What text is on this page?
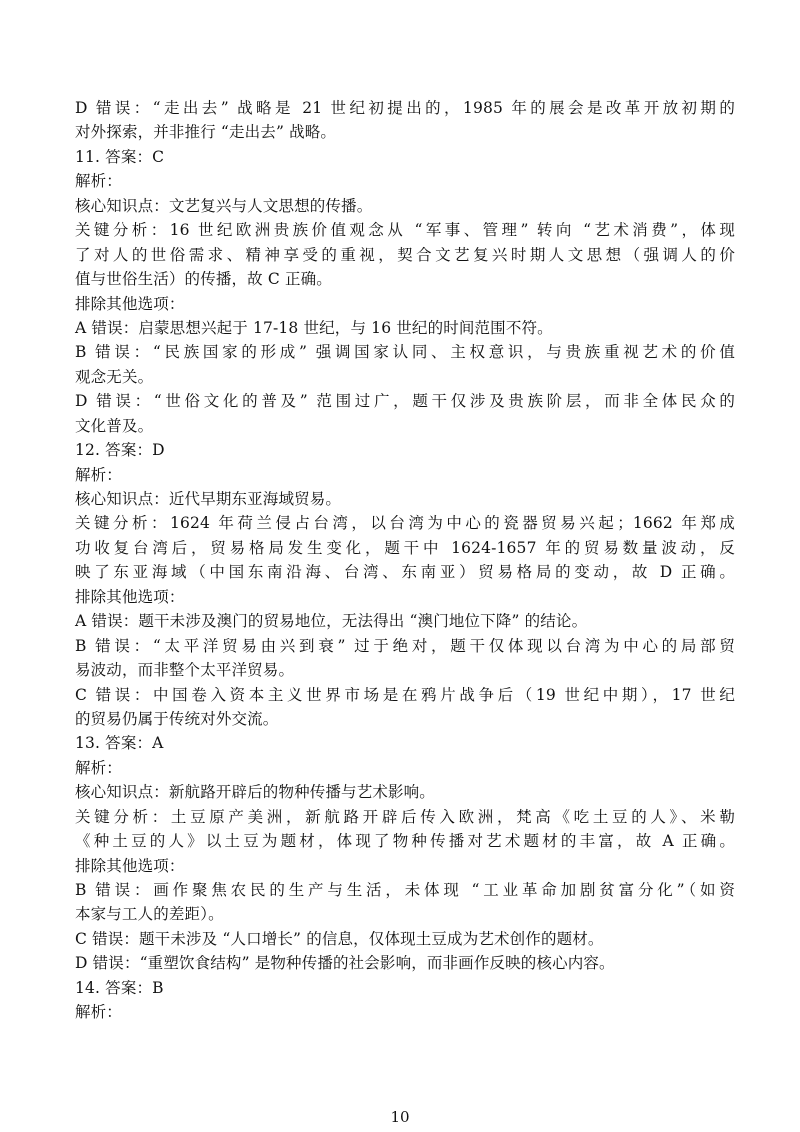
D 错误：“走出去” 战略是 21 世纪初提出的，1985 年的展会是改革开放初期的
对外探索，并非推行 “走出去” 战略。
11. 答案：C
解析：
核心知识点：文艺复兴与人文思想的传播。
关键分析：16 世纪欧洲贵族价值观念从 “军事、管理” 转向 “艺术消费”，体现
了对人的世俗需求、精神享受的重视，契合文艺复兴时期人文思想（强调人的价
值与世俗生活）的传播，故 C 正确。
排除其他选项：
A 错误：启蒙思想兴起于 17-18 世纪，与 16 世纪的时间范围不符。
B 错误：“民族国家的形成” 强调国家认同、主权意识，与贵族重视艺术的价值
观念无关。
D 错误：“世俗文化的普及” 范围过广，题干仅涉及贵族阶层，而非全体民众的
文化普及。
12. 答案：D
解析：
核心知识点：近代早期东亚海域贸易。
关键分析：1624 年荷兰侵占台湾，以台湾为中心的瓷器贸易兴起；1662 年郑成
功收复台湾后，贸易格局发生变化，题干中 1624-1657 年的贸易数量波动，反
映了东亚海域（中国东南沿海、台湾、东南亚）贸易格局的变动，故 D 正确。
排除其他选项：
A 错误：题干未涉及澳门的贸易地位，无法得出 “澳门地位下降” 的结论。
B 错误：“太平洋贸易由兴到衰” 过于绝对，题干仅体现以台湾为中心的局部贸
易波动，而非整个太平洋贸易。
C 错误：中国卷入资本主义世界市场是在鸦片战争后（19 世纪中期），17 世纪
的贸易仍属于传统对外交流。
13. 答案：A
解析：
核心知识点：新航路开辟后的物种传播与艺术影响。
关键分析：土豆原产美洲，新航路开辟后传入欧洲，梵高《吃土豆的人》、米勒
《种土豆的人》以土豆为题材，体现了物种传播对艺术题材的丰富，故 A 正确。
排除其他选项：
B 错误：画作聚焦农民的生产与生活，未体现 “工业革命加剧贫富分化”（如资
本家与工人的差距）。
C 错误：题干未涉及 “人口增长” 的信息，仅体现土豆成为艺术创作的题材。
D 错误：“重塑饮食结构” 是物种传播的社会影响，而非画作反映的核心内容。
14. 答案：B
解析：
10
